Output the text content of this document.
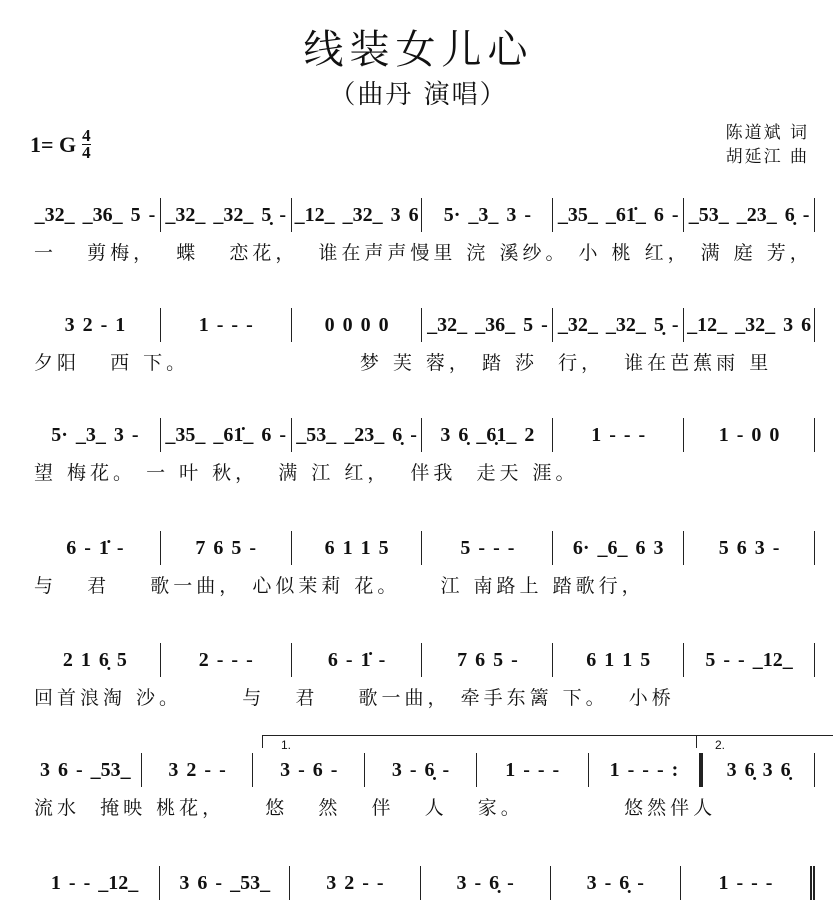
线装女儿心
（曲丹 演唱）
1= G 4
4
陈道斌 词
胡延江 曲
1.	2.
_32_ _36_ 5 - _32_ _32_ 5̣ - _12_ _32_ 3 6	5· _3_ 3 -	_35_ _61̇_ 6 - _53_ _23_ 6̣ -
一   剪梅，  蝶   恋花，  谁在声声慢里 浣 溪纱。 小 桃 红， 满 庭 芳，
3 2 - 1	1 - - -	0 0 0 0	_32_ _36_ 5 - _32_ _32_ 5̣ - _12_ _32_ 3 6
夕阳   西 下。                 梦 芙 蓉， 踏 莎  行，  谁在芭蕉雨 里
5· _3_ 3 -	_35_ _61̇_ 6 - _53_ _23_ 6̣ -	3 6̣ _6̣1_ 2	1 - - -	1 - 0 0
望 梅花。 一 叶 秋，  满 江 红，  伴我  走天 涯。
6 - 1̇ -	7 6 5 -	6 1 1 5	5 - - -	6· _6_ 6 3	5 6 3 -
与   君    歌一曲， 心似茉莉 花。    江 南路上 踏歌行，
2 1 6̣ 5	2 - - -	6 - 1̇ -	7 6 5 -	6 1 1 5	5 - - _12_
回首浪淘 沙。      与   君    歌一曲， 牵手东篱 下。  小桥
3 6 - _53_	3 2 - -	3 - 6 -	3 - 6̣ -	1 - - -	1 - - - :	3 6̣ 3 6̣
流水  掩映 桃花，    悠   然   伴   人   家。          悠然伴人
1 - - _12_	3 6 - _53_	3 2 - -	3 - 6̣ -	3 - 6̣ -	1 - - -
